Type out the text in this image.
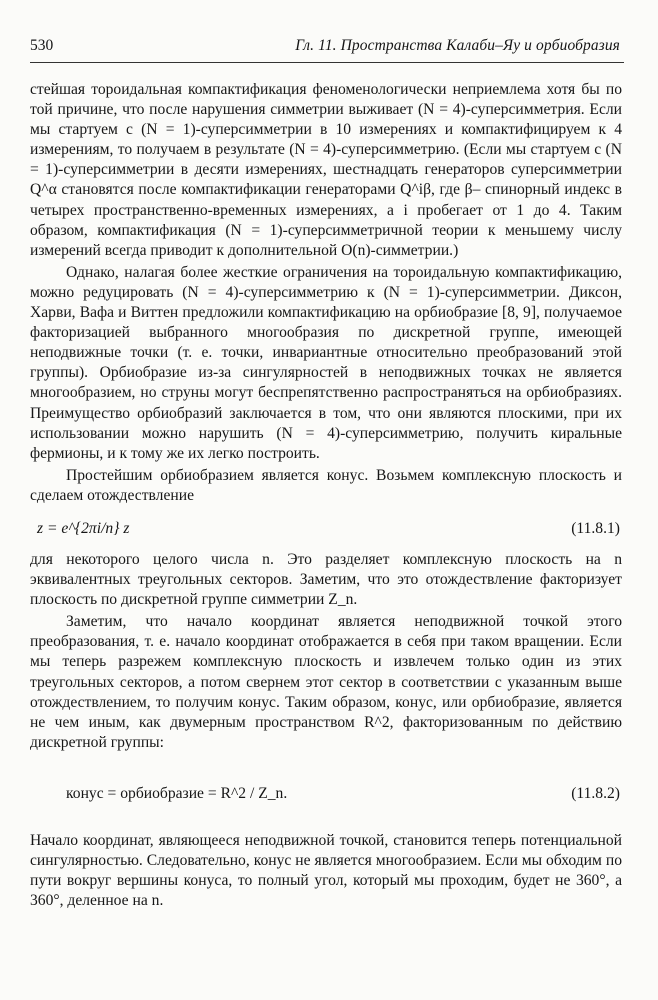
530	Гл. 11. Пространства Калаби–Яу и орбиобразия

стейшая тороидальная компактификация феноменологически неприемлема хотя бы по той причине, что после нарушения симметрии выживает (N = 4)-суперсимметрия. Если мы стартуем с (N = 1)-суперсимметрии в 10 измерениях и компактифицируем к 4 измерениям, то получаем в результате (N = 4)-суперсимметрию. (Если мы стартуем с (N = 1)-суперсимметрии в десяти измерениях, шестнадцать генераторов суперсимметрии Q^α становятся после компактификации генераторами Q^iβ, где β– спинорный индекс в четырех пространственно-временных измерениях, а i пробегает от 1 до 4. Таким образом, компактификация (N = 1)-суперсимметричной теории к меньшему числу измерений всегда приводит к дополнительной O(n)-симметрии.)

Однако, налагая более жесткие ограничения на тороидальную компактификацию, можно редуцировать (N = 4)-суперсимметрию к (N = 1)-суперсимметрии. Диксон, Харви, Вафа и Виттен предложили компактификацию на орбиобразие [8, 9], получаемое факторизацией выбранного многообразия по дискретной группе, имеющей неподвижные точки (т. е. точки, инвариантные относительно преобразований этой группы). Орбиобразие из-за сингулярностей в неподвижных точках не является многообразием, но струны могут беспрепятственно распространяться на орбиобразиях. Преимущество орбиобразий заключается в том, что они являются плоскими, при их использовании можно нарушить (N = 4)-суперсимметрию, получить киральные фермионы, и к тому же их легко построить.

Простейшим орбиобразием является конус. Возьмем комплексную плоскость и сделаем отождествление

z = e^{2πi/n} z	(11.8.1)

для некоторого целого числа n. Это разделяет комплексную плоскость на n эквивалентных треугольных секторов. Заметим, что это отождествление факторизует плоскость по дискретной группе симметрии Z_n.

Заметим, что начало координат является неподвижной точкой этого преобразования, т. е. начало координат отображается в себя при таком вращении. Если мы теперь разрежем комплексную плоскость и извлечем только один из этих треугольных секторов, а потом свернем этот сектор в соответствии с указанным выше отождествлением, то получим конус. Таким образом, конус, или орбиобразие, является не чем иным, как двумерным пространством R^2, факторизованным по действию дискретной группы:

конус = орбиобразие = R^2 / Z_n.	(11.8.2)

Начало координат, являющееся неподвижной точкой, становится теперь потенциальной сингулярностью. Следовательно, конус не является многообразием. Если мы обходим по пути вокруг вершины конуса, то полный угол, который мы проходим, будет не 360°, а 360°, деленное на n.
